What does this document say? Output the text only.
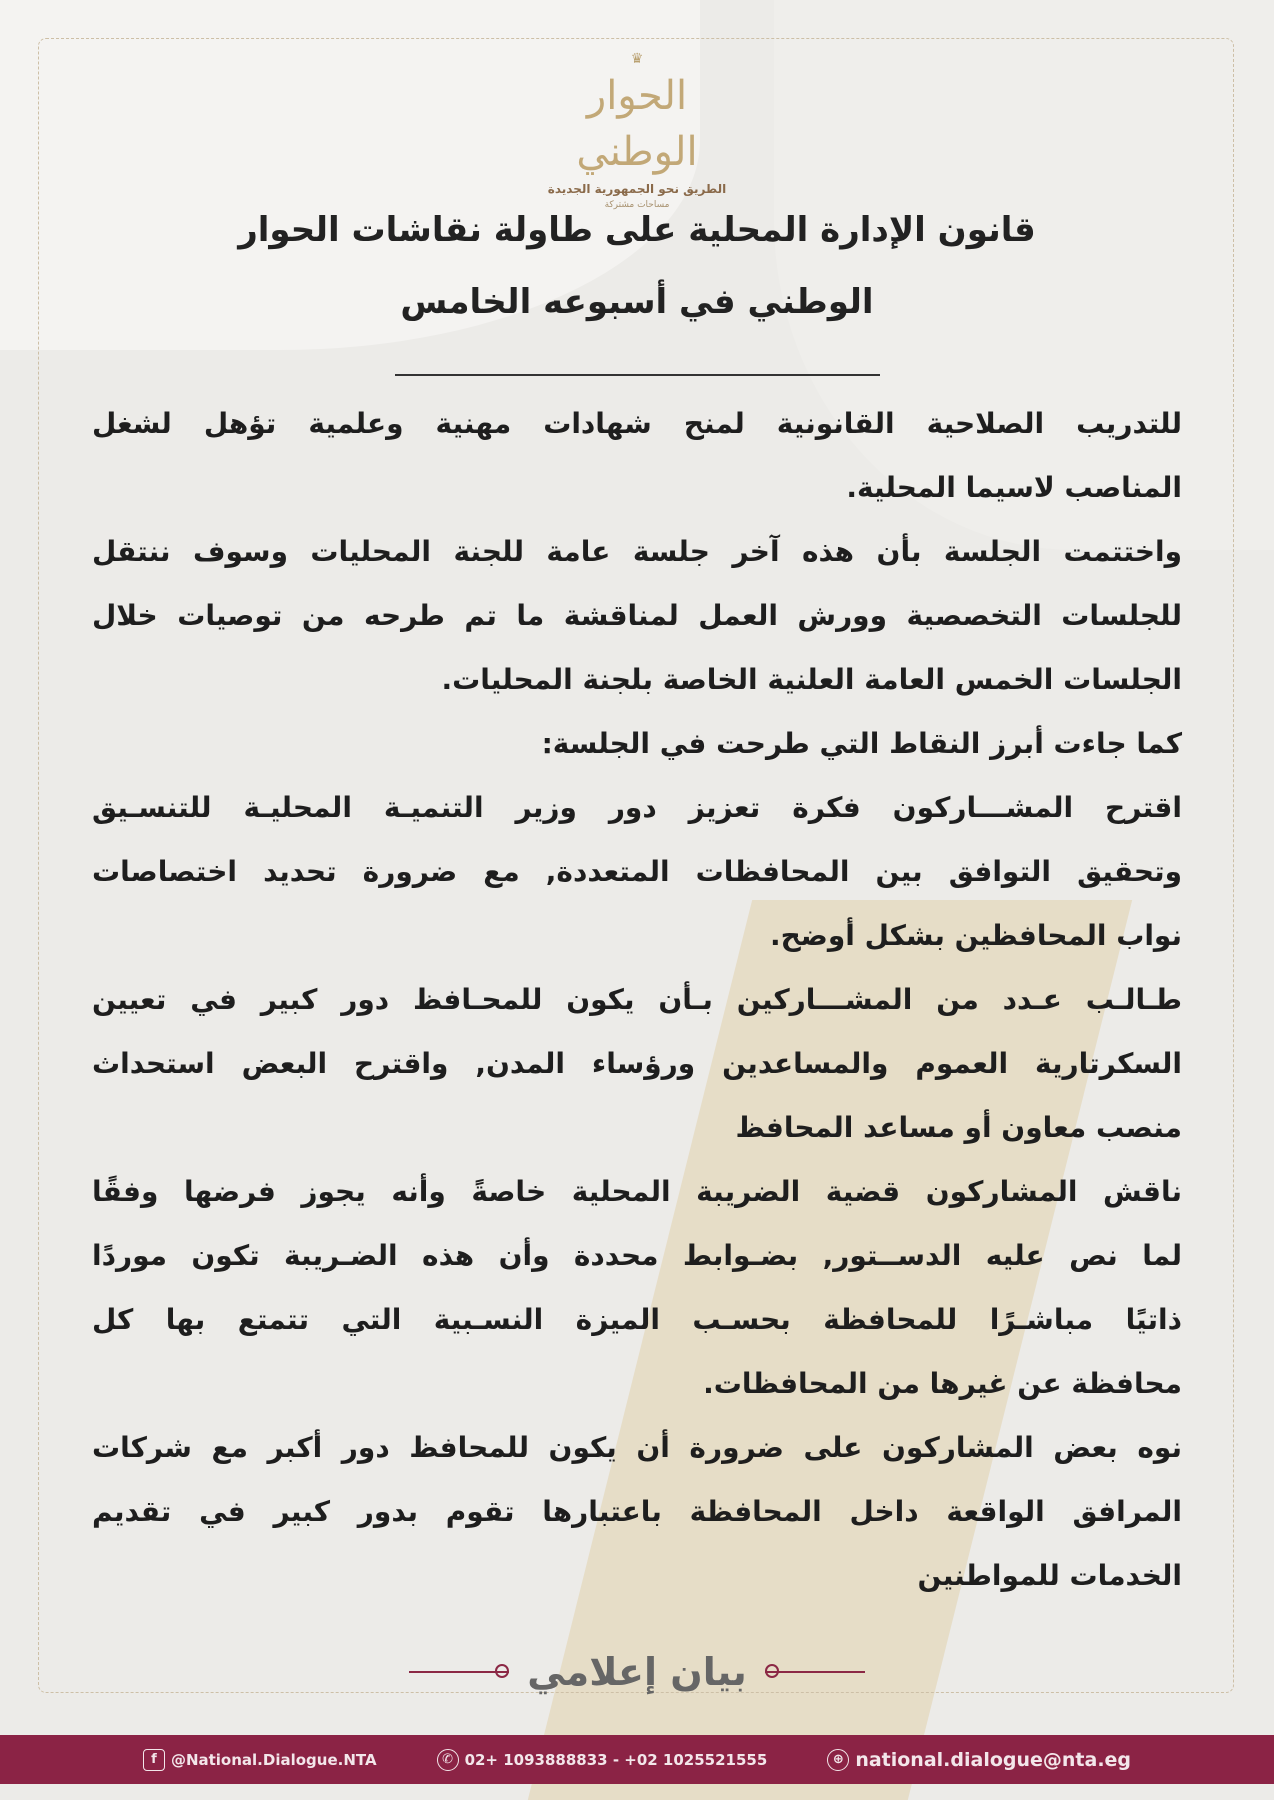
♛
الحوار الوطني
الطريق نحو الجمهورية الجديدة
مساحات مشتركة
قانون الإدارة المحلية على طاولة نقاشات الحوار
الوطني في أسبوعه الخامس
للتدريب الصلاحية القانونية لمنح شهادات مهنية وعلمية تؤهل لشغل
المناصب لاسيما المحلية.
واختتمت الجلسة بأن هذه آخر جلسة عامة للجنة المحليات وسوف ننتقل
للجلسات التخصصية وورش العمل لمناقشة ما تم طرحه من توصيات خلال
الجلسات الخمس العامة العلنية الخاصة بلجنة المحليات.
كما جاءت أبرز النقاط التي طرحت في الجلسة:
اقترح المشـــاركون فكرة تعزيز دور وزير التنميـة المحليـة للتنسـيق
وتحقيق التوافق بين المحافظات المتعددة, مع ضرورة تحديد اختصاصات
نواب المحافظين بشكل أوضح.
طـالـب عـدد من المشـــاركين بـأن يكون للمحـافظ دور كبير في تعيين
السكرتارية العموم والمساعدين ورؤساء المدن, واقترح البعض استحداث
منصب معاون أو مساعد المحافظ
ناقش المشاركون قضية الضريبة المحلية خاصةً وأنه يجوز فرضها وفقًا
لما نص عليه الدســتور, بضـوابط محددة وأن هذه الضـريبة تكون موردًا
ذاتيًا مباشـرًا للمحافظة بحسـب الميزة النسـبية التي تتمتع بها كل
محافظة عن غيرها من المحافظات.
نوه بعض المشاركون على ضرورة أن يكون للمحافظ دور أكبر مع شركات
المرافق الواقعة داخل المحافظة باعتبارها تقوم بدور كبير في تقديم
الخدمات للمواطنين
بيان إعلامي
f @National.Dialogue.NTA	✆ 02+ 1093888833 - +02 1025521555	⊕ national.dialogue@nta.eg
